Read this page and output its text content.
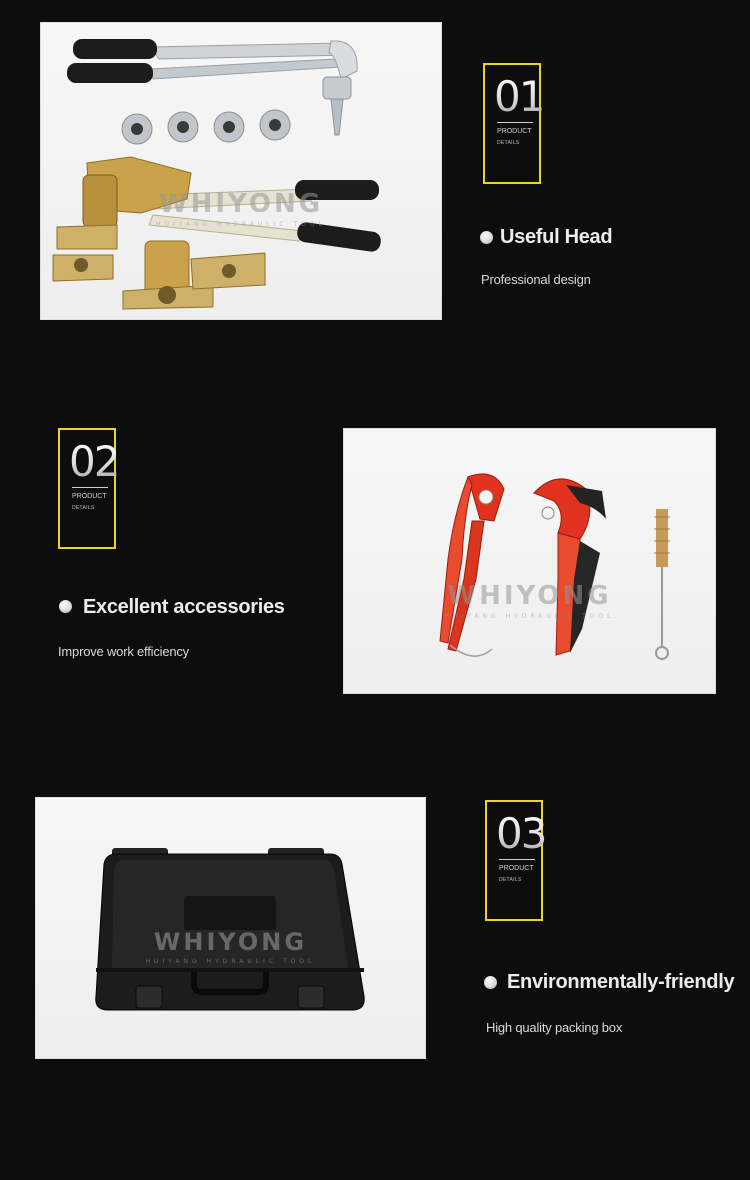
WHIYONG
HUIYANG HYDRAULIC TOOL
01
PRODUCT
DETAILS
Useful Head
Professional design
02
PRODUCT
DETAILS
Excellent accessories
Improve work efficiency
WHIYONG
HUIYANG HYDRAULIC TOOL
WHIYONG
HUIYANG HYDRAULIC TOOL
03
PRODUCT
DETAILS
Environmentally-friendly
High quality packing box
